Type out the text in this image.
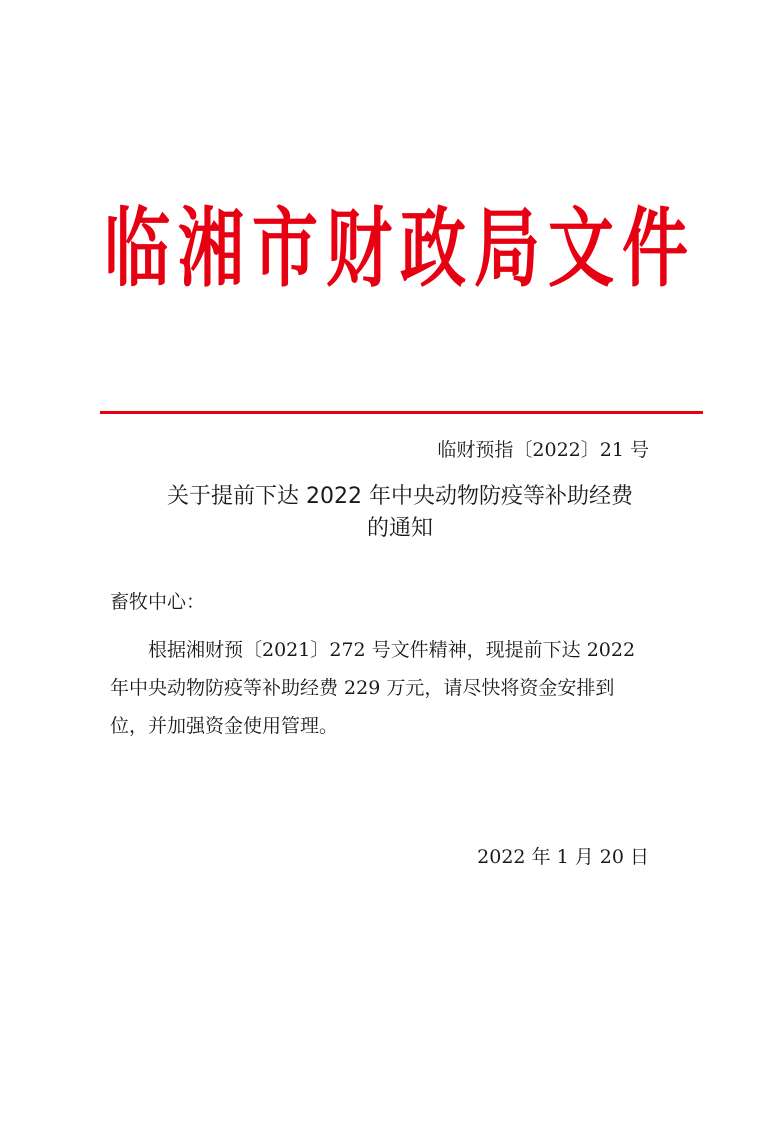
临湘市财政局文件
临财预指〔2022〕21 号
关于提前下达 2022 年中央动物防疫等补助经费
的通知
畜牧中心：
根据湘财预〔2021〕272 号文件精神，现提前下达 2022
年中央动物防疫等补助经费 229 万元，请尽快将资金安排到
位，并加强资金使用管理。
2022 年 1 月 20 日
